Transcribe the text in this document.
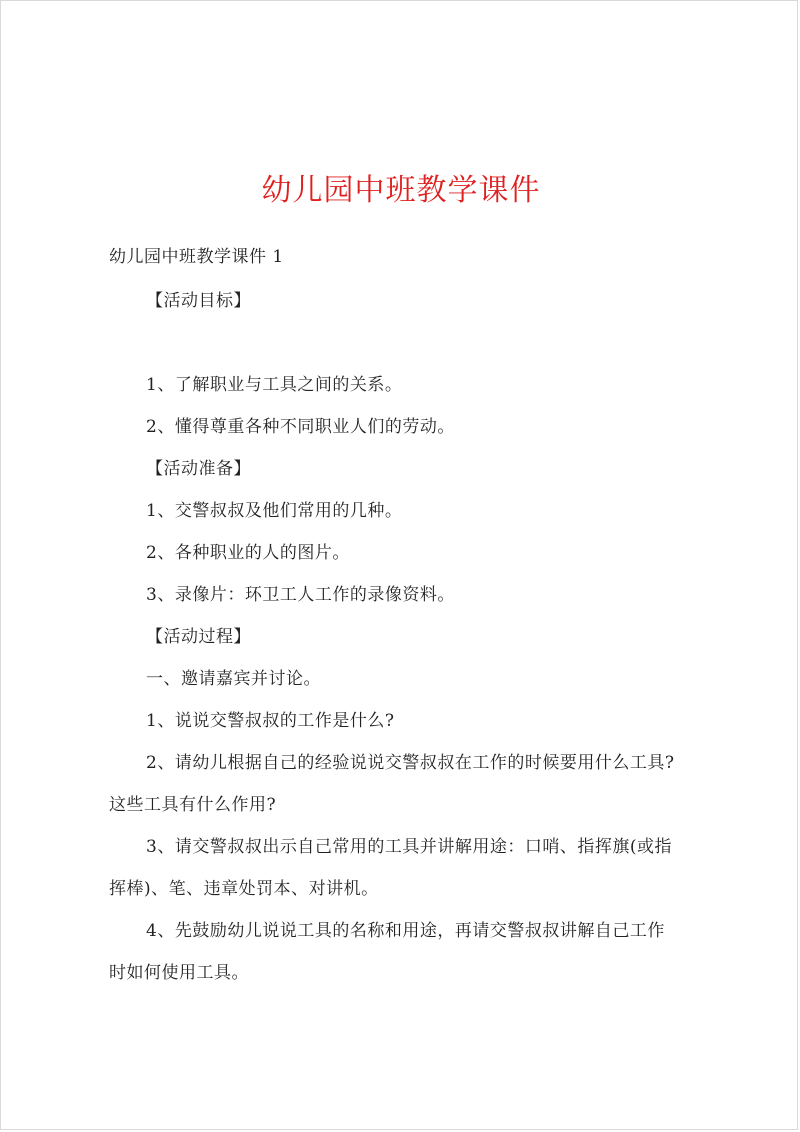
幼儿园中班教学课件
幼儿园中班教学课件 1
【活动目标】
1、了解职业与工具之间的关系。
2、懂得尊重各种不同职业人们的劳动。
【活动准备】
1、交警叔叔及他们常用的几种。
2、各种职业的人的图片。
3、录像片：环卫工人工作的录像资料。
【活动过程】
一、邀请嘉宾并讨论。
1、说说交警叔叔的工作是什么?
2、请幼儿根据自己的经验说说交警叔叔在工作的时候要用什么工具?
这些工具有什么作用?
3、请交警叔叔出示自己常用的工具并讲解用途：口哨、指挥旗(或指
挥棒)、笔、违章处罚本、对讲机。
4、先鼓励幼儿说说工具的名称和用途，再请交警叔叔讲解自己工作
时如何使用工具。
